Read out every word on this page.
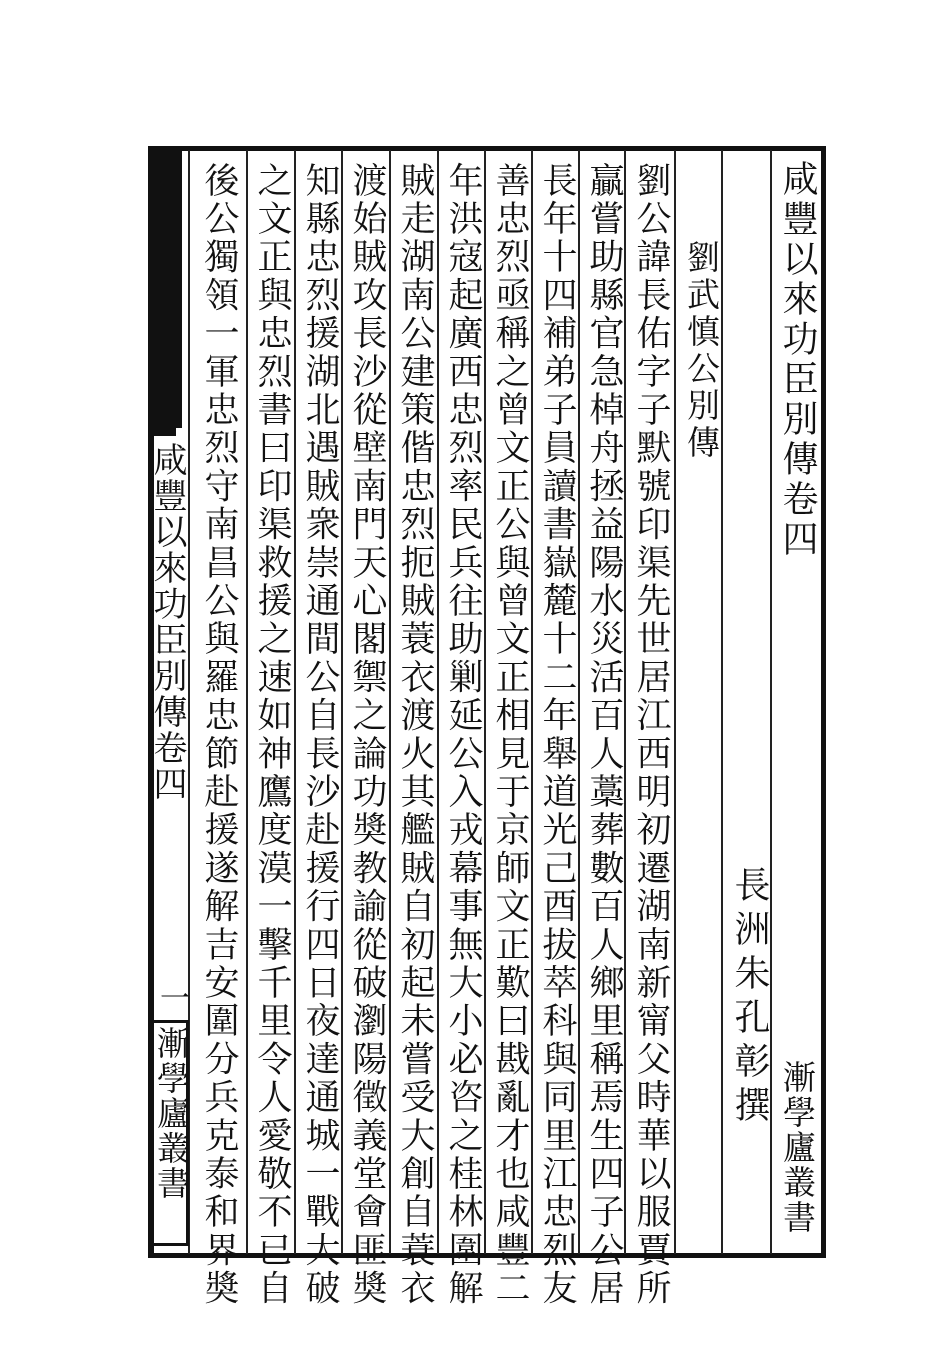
咸豐以來功臣別傳卷四
漸學廬叢書
長洲朱孔彰撰
劉武慎公別傳
劉公諱長佑字子默號印渠先世居江西明初遷湖南新甯父時華以服賈所
贏嘗助縣官急棹舟拯益陽水災活百人藁葬數百人鄉里稱焉生四子公居
長年十四補弟子員讀書嶽麓十二年舉道光己酉拔萃科與同里江忠烈友
善忠烈亟稱之曾文正公與曾文正相見于京師文正歎曰戡亂才也咸豐二
年洪寇起廣西忠烈率民兵往助剿延公入戎幕事無大小必咨之桂林圍解
賊走湖南公建策偕忠烈扼賊蓑衣渡火其艦賊自初起未嘗受大創自蓑衣
渡始賊攻長沙從壁南門天心閣禦之論功奬教諭從破瀏陽徵義堂會匪奬
知縣忠烈援湖北遇賊衆崇通間公自長沙赴援行四日夜達通城一戰大破
之文正與忠烈書曰印渠救援之速如神鷹度漠一擊千里令人愛敬不已自
後公獨領一軍忠烈守南昌公與羅忠節赴援遂解吉安圍分兵克泰和界奬
咸豐以來功臣別傳卷四
一
漸學廬叢書
